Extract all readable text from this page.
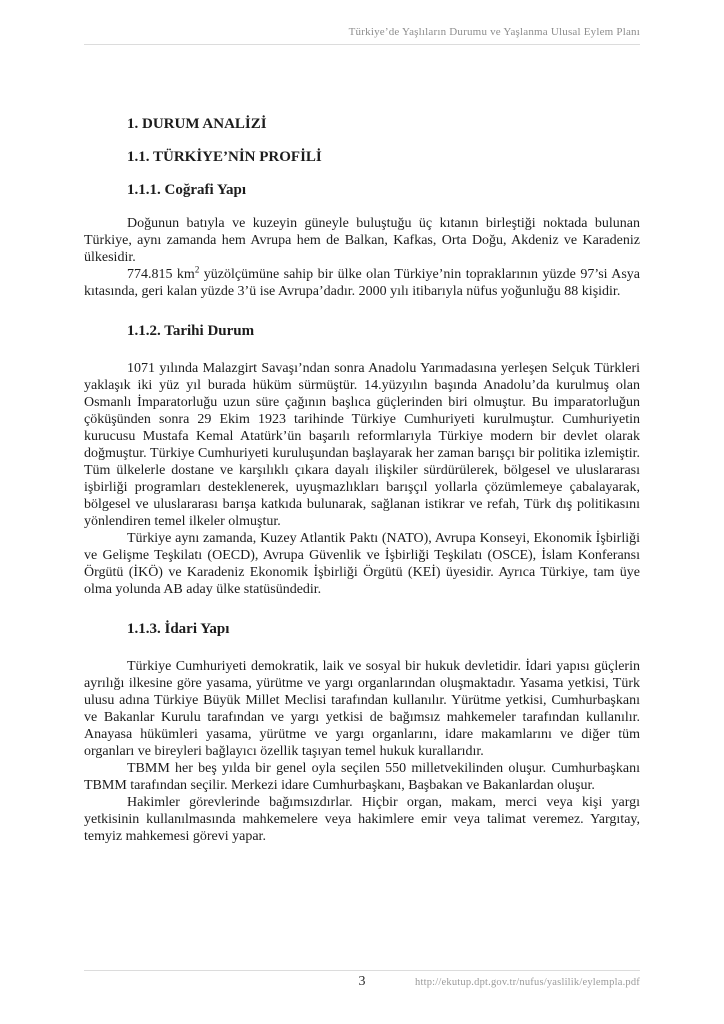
Türkiye’de Yaşlıların Durumu ve Yaşlanma Ulusal Eylem Planı
1. DURUM ANALİZİ
1.1. TÜRKİYE’NİN PROFİLİ
1.1.1. Coğrafi Yapı

Doğunun batıyla ve kuzeyin güneyle buluştuğu üç kıtanın birleştiği noktada bulunan Türkiye, aynı zamanda hem Avrupa hem de Balkan, Kafkas, Orta Doğu, Akdeniz ve Karadeniz ülkesidir.

774.815 $km^2$ yüzölçümüne sahip bir ülke olan Türkiye’nin topraklarının yüzde 97’si Asya kıtasında, geri kalan yüzde 3’ü ise Avrupa’dadır. 2000 yılı itibarıyla nüfus yoğunluğu 88 kişidir.

1.1.2. Tarihi Durum

1071 yılında Malazgirt Savaşı’ndan sonra Anadolu Yarımadasına yerleşen Selçuk Türkleri yaklaşık iki yüz yıl burada hüküm sürmüştür. 14.yüzyılın başında Anadolu’da kurulmuş olan Osmanlı İmparatorluğu uzun süre çağının başlıca güçlerinden biri olmuştur. Bu imparatorluğun çöküşünden sonra 29 Ekim 1923 tarihinde Türkiye Cumhuriyeti kurulmuştur. Cumhuriyetin kurucusu Mustafa Kemal Atatürk’ün başarılı reformlarıyla Türkiye modern bir devlet olarak doğmuştur. Türkiye Cumhuriyeti kuruluşundan başlayarak her zaman barışçı bir politika izlemiştir. Tüm ülkelerle dostane ve karşılıklı çıkara dayalı ilişkiler sürdürülerek, bölgesel ve uluslararası işbirliği programları desteklenerek, uyuşmazlıkları barışçıl yollarla çözümlemeye çabalayarak, bölgesel ve uluslararası barışa katkıda bulunarak, sağlanan istikrar ve refah, Türk dış politikasını yönlendiren temel ilkeler olmuştur.

Türkiye aynı zamanda, Kuzey Atlantik Paktı (NATO), Avrupa Konseyi, Ekonomik İşbirliği ve Gelişme Teşkilatı (OECD), Avrupa Güvenlik ve İşbirliği Teşkilatı (OSCE), İslam Konferansı Örgütü (İKÖ) ve Karadeniz Ekonomik İşbirliği Örgütü (KEİ) üyesidir. Ayrıca Türkiye, tam üye olma yolunda AB aday ülke statüsündedir.

1.1.3. İdari Yapı

Türkiye Cumhuriyeti demokratik, laik ve sosyal bir hukuk devletidir. İdari yapısı güçlerin ayrılığı ilkesine göre yasama, yürütme ve yargı organlarından oluşmaktadır. Yasama yetkisi, Türk ulusu adına Türkiye Büyük Millet Meclisi tarafından kullanılır. Yürütme yetkisi, Cumhurbaşkanı ve Bakanlar Kurulu tarafından ve yargı yetkisi de bağımsız mahkemeler tarafından kullanılır. Anayasa hükümleri yasama, yürütme ve yargı organlarını, idare makamlarını ve diğer tüm organları ve bireyleri bağlayıcı özellik taşıyan temel hukuk kurallarıdır.

TBMM her beş yılda bir genel oyla seçilen 550 milletvekilinden oluşur. Cumhurbaşkanı TBMM tarafından seçilir. Merkezi idare Cumhurbaşkanı, Başbakan ve Bakanlardan oluşur.

Hakimler görevlerinde bağımsızdırlar. Hiçbir organ, makam, merci veya kişi yargı yetkisinin kullanılmasında mahkemelere veya hakimlere emir veya talimat veremez. Yargıtay, temyiz mahkemesi görevi yapar.

3	http://ekutup.dpt.gov.tr/nufus/yaslilik/eylempla.pdf
